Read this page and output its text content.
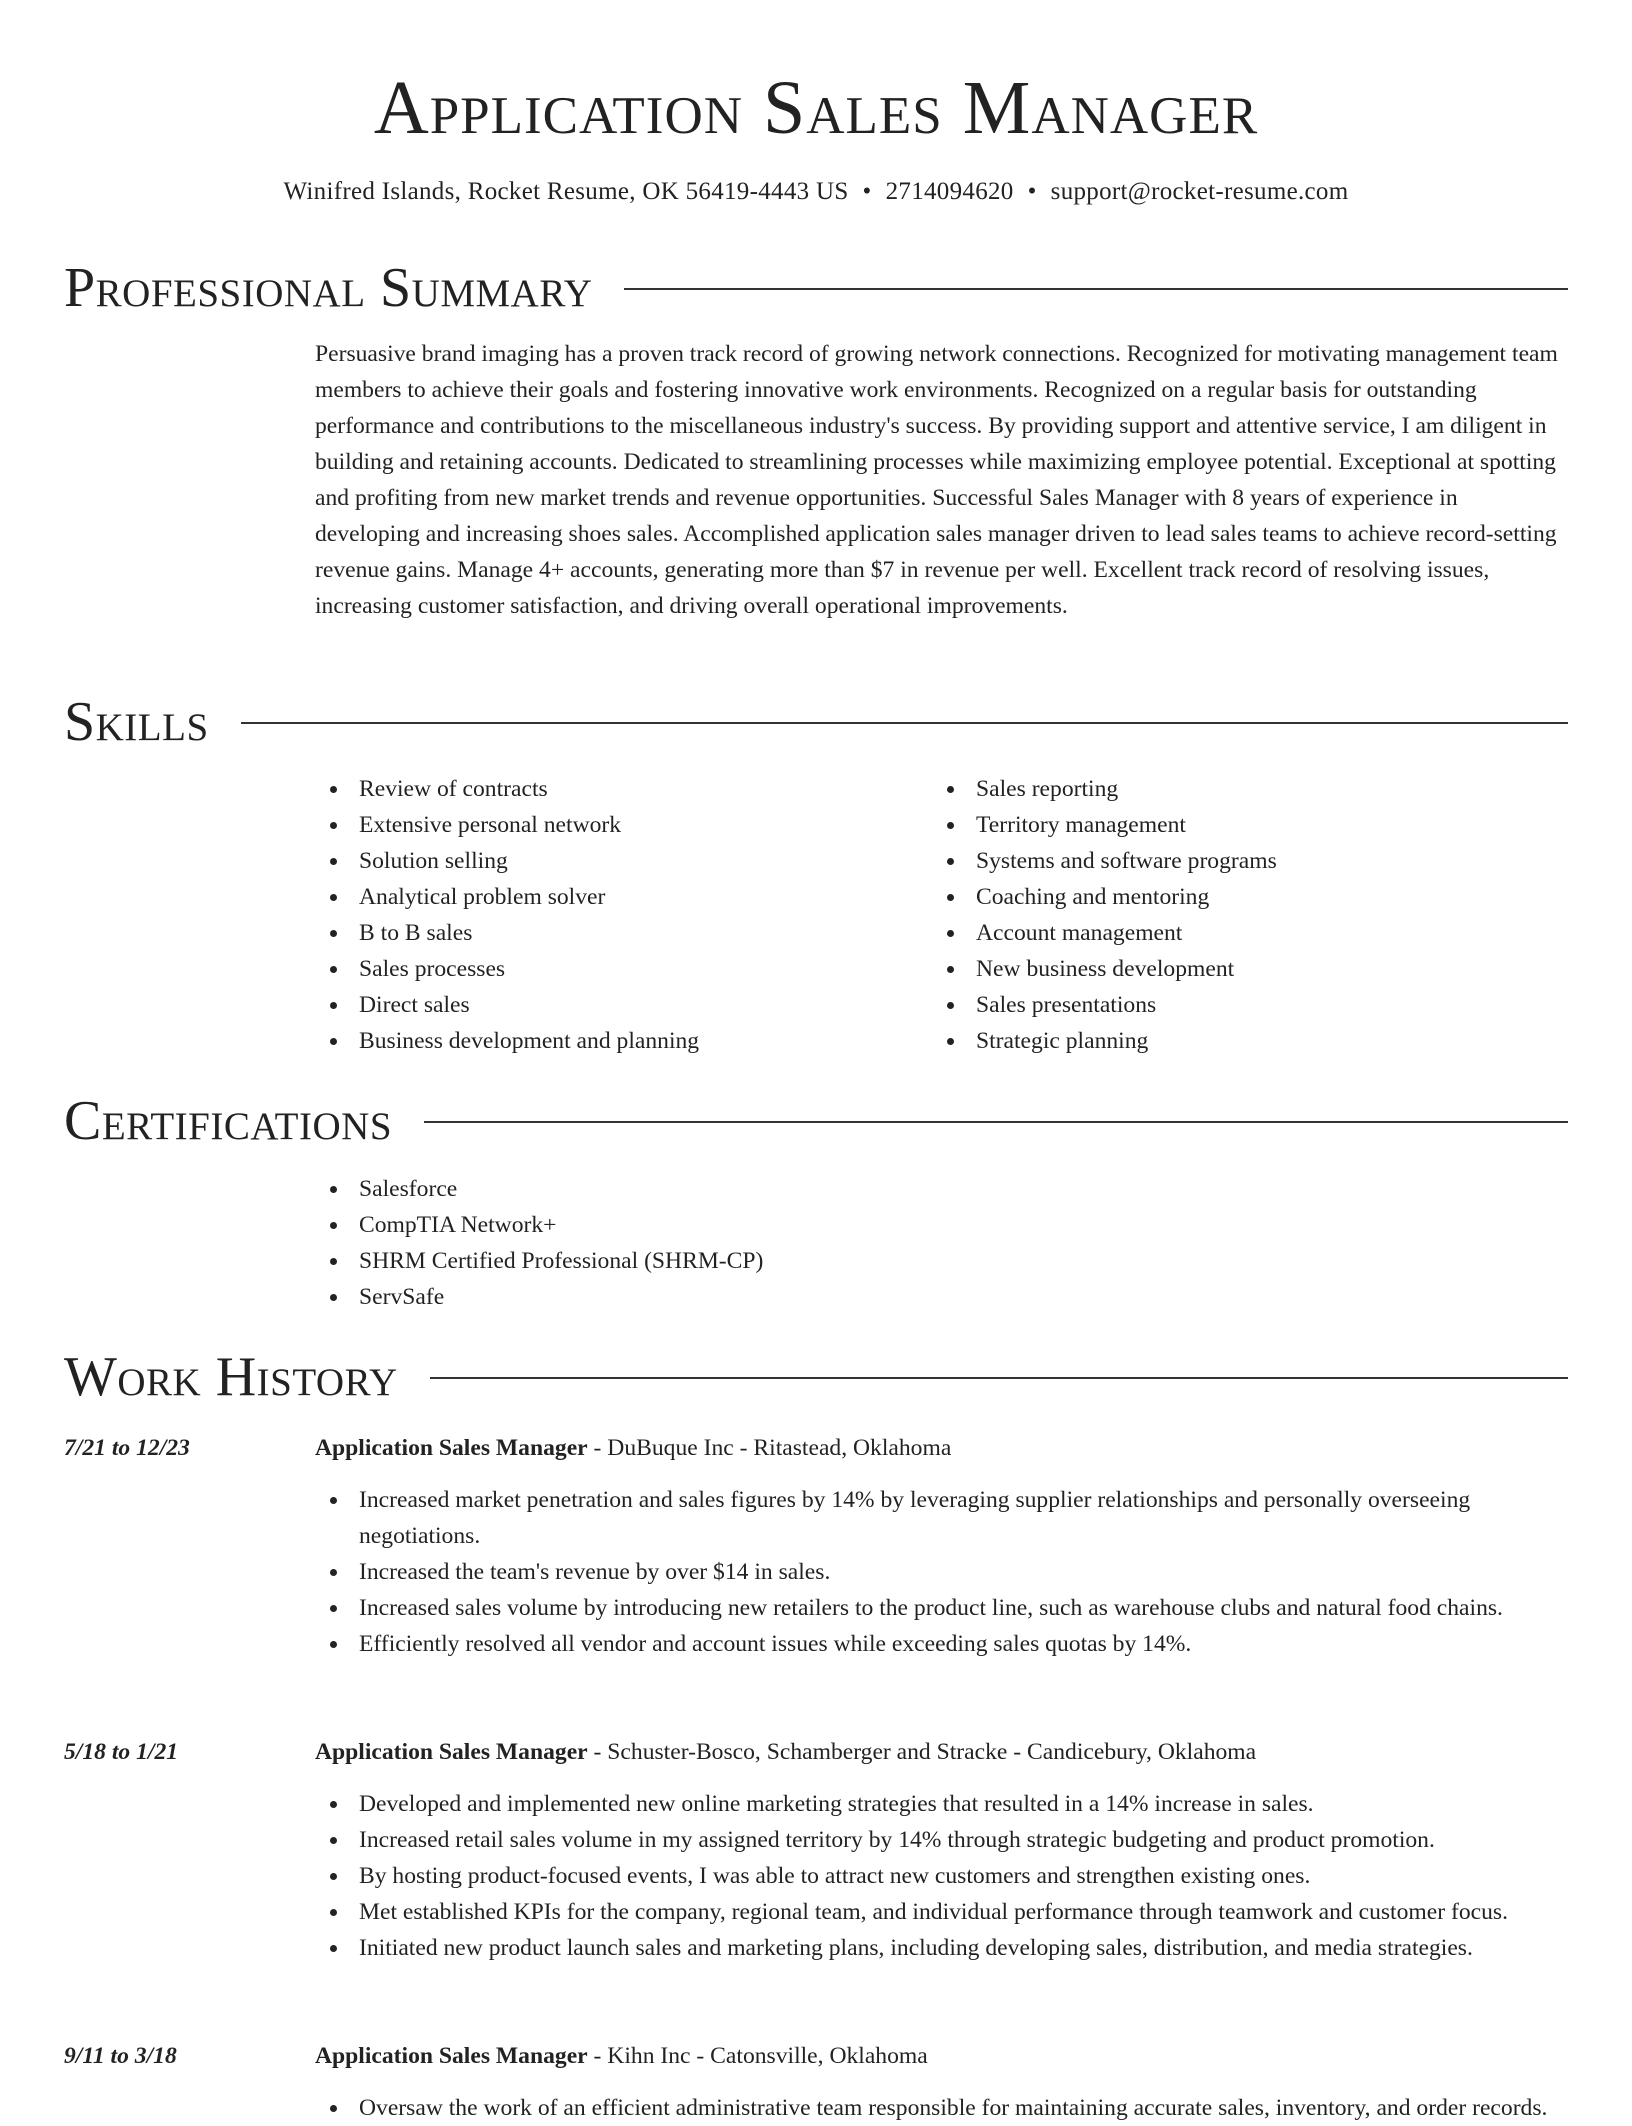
Application Sales Manager
Winifred Islands, Rocket Resume, OK 56419-4443 US • 2714094620 • support@rocket-resume.com
Professional Summary

Persuasive brand imaging has a proven track record of growing network connections. Recognized for motivating management team members to achieve their goals and fostering innovative work environments. Recognized on a regular basis for outstanding performance and contributions to the miscellaneous industry's success. By providing support and attentive service, I am diligent in building and retaining accounts. Dedicated to streamlining processes while maximizing employee potential. Exceptional at spotting and profiting from new market trends and revenue opportunities. Successful Sales Manager with 8 years of experience in developing and increasing shoes sales. Accomplished application sales manager driven to lead sales teams to achieve record-setting revenue gains. Manage 4+ accounts, generating more than $7 in revenue per well. Excellent track record of resolving issues, increasing customer satisfaction, and driving overall operational improvements.

Skills
Review of contracts
Extensive personal network
Solution selling
Analytical problem solver
B to B sales
Sales processes
Direct sales
Business development and planning
Sales reporting
Territory management
Systems and software programs
Coaching and mentoring
Account management
New business development
Sales presentations
Strategic planning
Certifications
Salesforce
CompTIA Network+
SHRM Certified Professional (SHRM-CP)
ServSafe
Work History
7/21 to 12/23	Application Sales Manager - DuBuque Inc - Ritastead, Oklahoma
Increased market penetration and sales figures by 14% by leveraging supplier relationships and personally overseeing negotiations.
Increased the team's revenue by over $14 in sales.
Increased sales volume by introducing new retailers to the product line, such as warehouse clubs and natural food chains.
Efficiently resolved all vendor and account issues while exceeding sales quotas by 14%.
5/18 to 1/21	Application Sales Manager - Schuster-Bosco, Schamberger and Stracke - Candicebury, Oklahoma
Developed and implemented new online marketing strategies that resulted in a 14% increase in sales.
Increased retail sales volume in my assigned territory by 14% through strategic budgeting and product promotion.
By hosting product-focused events, I was able to attract new customers and strengthen existing ones.
Met established KPIs for the company, regional team, and individual performance through teamwork and customer focus.
Initiated new product launch sales and marketing plans, including developing sales, distribution, and media strategies.
9/11 to 3/18	Application Sales Manager - Kihn Inc - Catonsville, Oklahoma
Oversaw the work of an efficient administrative team responsible for maintaining accurate sales, inventory, and order records.
